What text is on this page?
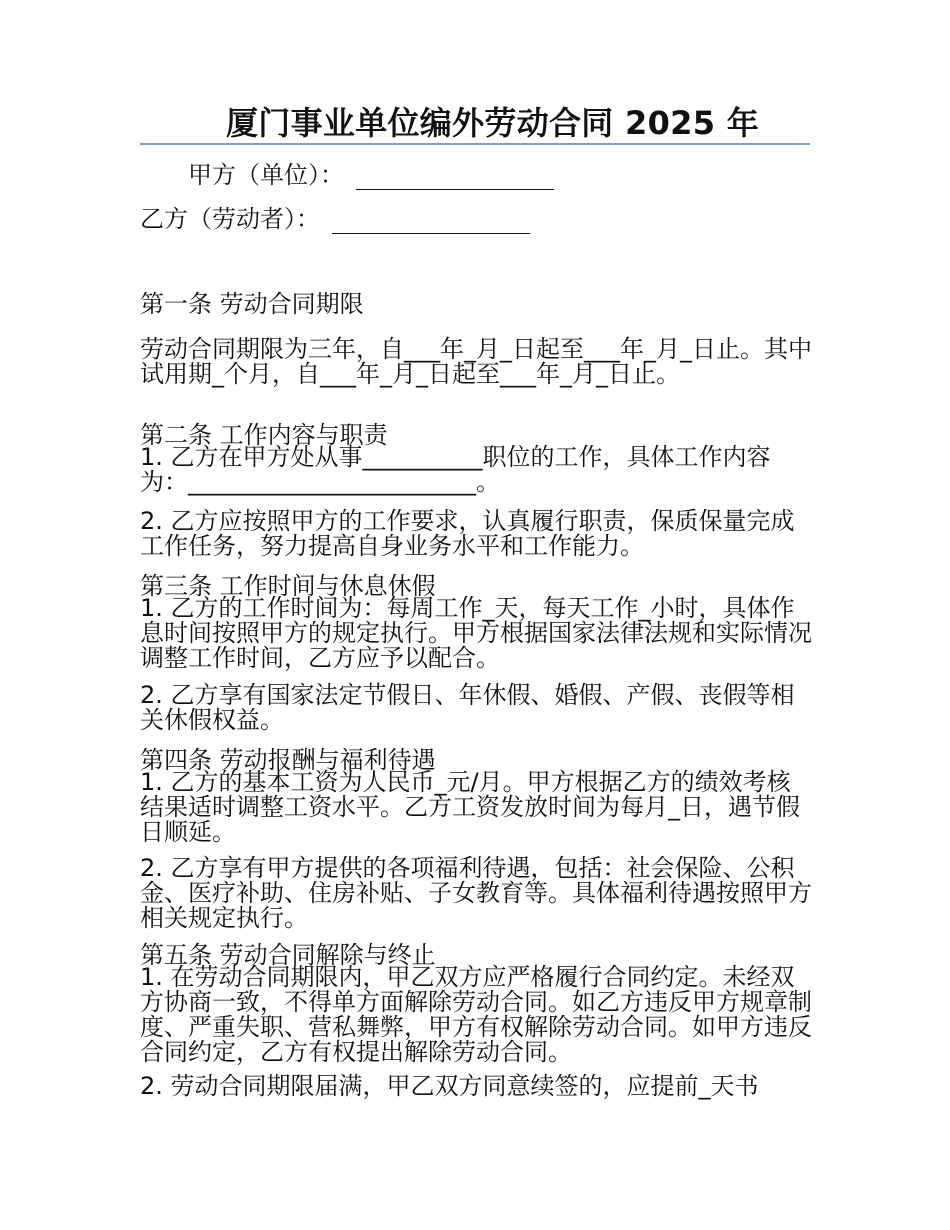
厦门事业单位编外劳动合同 2025 年
甲方（单位）：
乙方（劳动者）：
第一条 劳动合同期限
劳动合同期限为三年，自___年_月_日起至___年_月_日止。其中试用期_个月，自___年_月_日起至___年_月_日止。
第二条 工作内容与职责
1. 乙方在甲方处从事__________职位的工作，具体工作内容为：________________________。
2. 乙方应按照甲方的工作要求，认真履行职责，保质保量完成工作任务，努力提高自身业务水平和工作能力。
第三条 工作时间与休息休假
1. 乙方的工作时间为：每周工作_天，每天工作_小时，具体作息时间按照甲方的规定执行。甲方根据国家法律法规和实际情况调整工作时间，乙方应予以配合。
2. 乙方享有国家法定节假日、年休假、婚假、产假、丧假等相关休假权益。
第四条 劳动报酬与福利待遇
1. 乙方的基本工资为人民币_元/月。甲方根据乙方的绩效考核结果适时调整工资水平。乙方工资发放时间为每月_日，遇节假日顺延。
2. 乙方享有甲方提供的各项福利待遇，包括：社会保险、公积金、医疗补助、住房补贴、子女教育等。具体福利待遇按照甲方相关规定执行。
第五条 劳动合同解除与终止
1. 在劳动合同期限内，甲乙双方应严格履行合同约定。未经双方协商一致，不得单方面解除劳动合同。如乙方违反甲方规章制度、严重失职、营私舞弊，甲方有权解除劳动合同。如甲方违反合同约定，乙方有权提出解除劳动合同。
2. 劳动合同期限届满，甲乙双方同意续签的，应提前_天书
